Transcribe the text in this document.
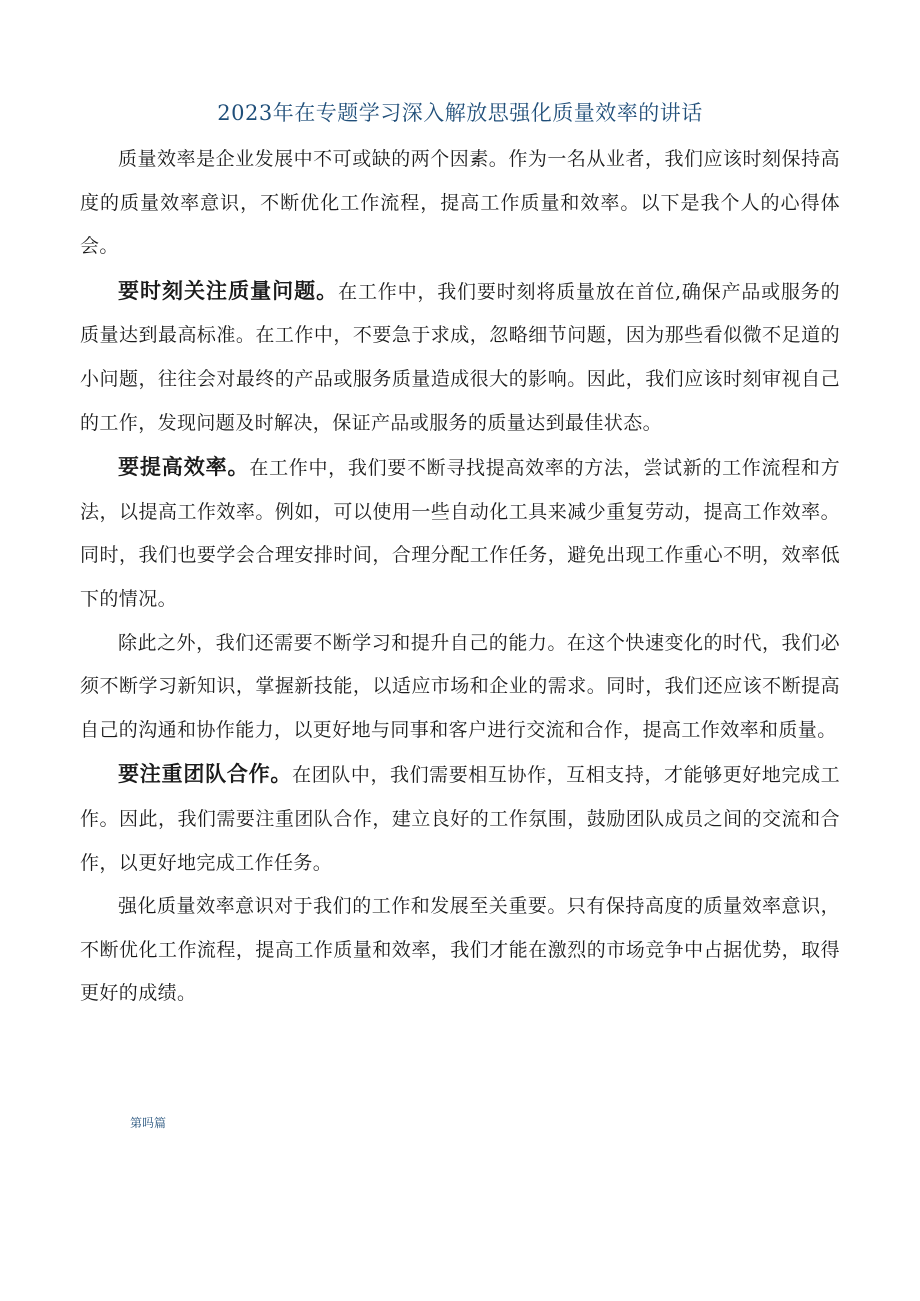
2023年在专题学习深入解放思强化质量效率的讲话

质量效率是企业发展中不可或缺的两个因素。作为一名从业者，我们应该时刻保持高度的质量效率意识，不断优化工作流程，提高工作质量和效率。以下是我个人的心得体会。

要时刻关注质量问题。在工作中，我们要时刻将质量放在首位,确保产品或服务的质量达到最高标准。在工作中，不要急于求成，忽略细节问题，因为那些看似微不足道的小问题，往往会对最终的产品或服务质量造成很大的影响。因此，我们应该时刻审视自己的工作，发现问题及时解决，保证产品或服务的质量达到最佳状态。

要提高效率。在工作中，我们要不断寻找提高效率的方法，尝试新的工作流程和方法，以提高工作效率。例如，可以使用一些自动化工具来减少重复劳动，提高工作效率。同时，我们也要学会合理安排时间，合理分配工作任务，避免出现工作重心不明，效率低下的情况。

除此之外，我们还需要不断学习和提升自己的能力。在这个快速变化的时代，我们必须不断学习新知识，掌握新技能，以适应市场和企业的需求。同时，我们还应该不断提高自己的沟通和协作能力，以更好地与同事和客户进行交流和合作，提高工作效率和质量。

要注重团队合作。在团队中，我们需要相互协作，互相支持，才能够更好地完成工作。因此，我们需要注重团队合作，建立良好的工作氛围，鼓励团队成员之间的交流和合作，以更好地完成工作任务。

强化质量效率意识对于我们的工作和发展至关重要。只有保持高度的质量效率意识，不断优化工作流程，提高工作质量和效率，我们才能在激烈的市场竞争中占据优势，取得更好的成绩。

第吗篇
